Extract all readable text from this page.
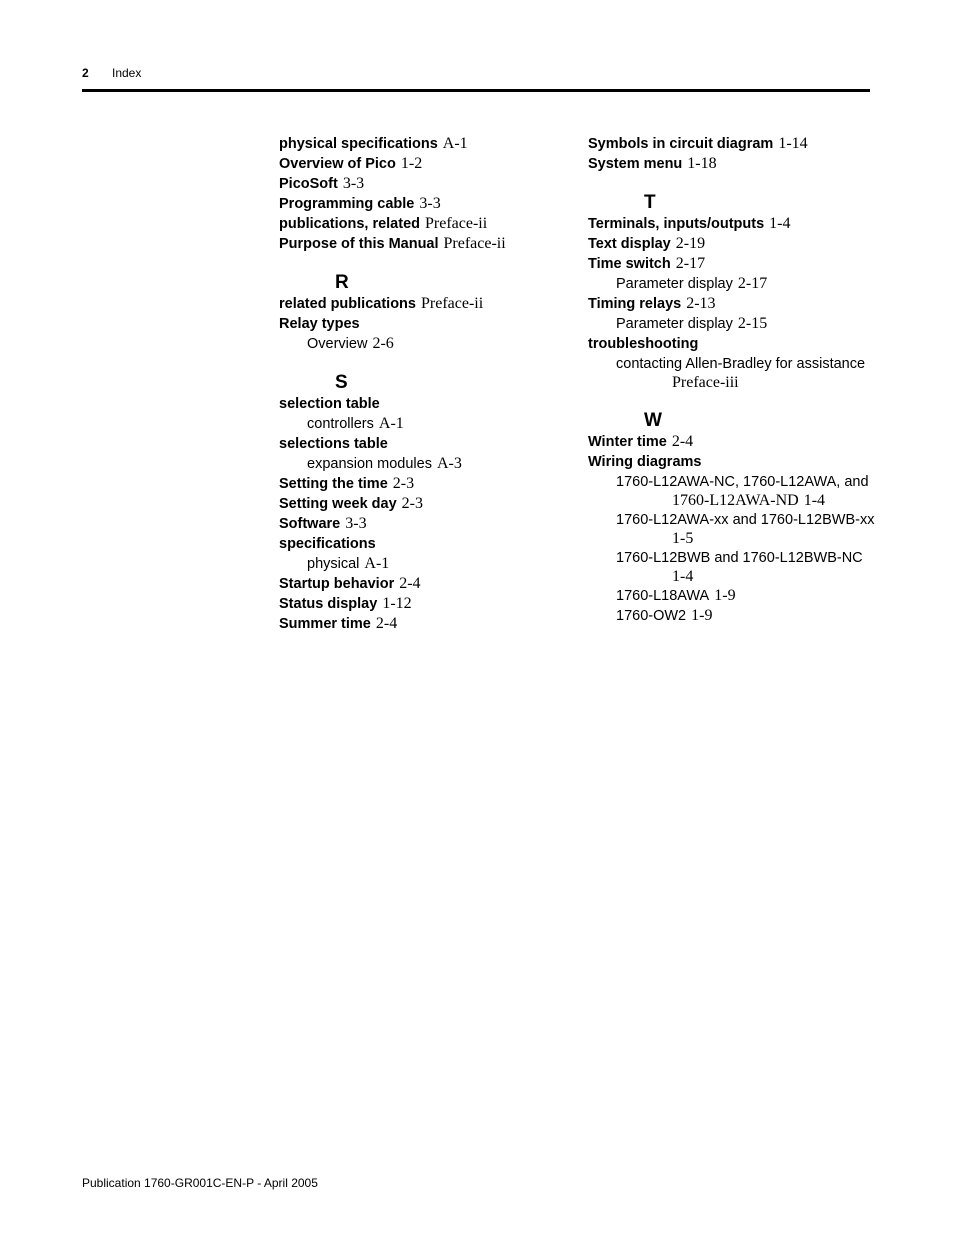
2 Index
physical specifications A-1
Overview of Pico 1-2
PicoSoft 3-3
Programming cable 3-3
publications, related Preface-ii
Purpose of this Manual Preface-ii
R
related publications Preface-ii
Relay types
Overview 2-6
S
selection table
controllers A-1
selections table
expansion modules A-3
Setting the time 2-3
Setting week day 2-3
Software 3-3
specifications
physical A-1
Startup behavior 2-4
Status display 1-12
Summer time 2-4
Symbols in circuit diagram 1-14
System menu 1-18
T
Terminals, inputs/outputs 1-4
Text display 2-19
Time switch 2-17
Parameter display 2-17
Timing relays 2-13
Parameter display 2-15
troubleshooting
contacting Allen-Bradley for assistance
Preface-iii
W
Winter time 2-4
Wiring diagrams
1760-L12AWA-NC, 1760-L12AWA, and
1760-L12AWA-ND 1-4
1760-L12AWA-xx and 1760-L12BWB-xx
1-5
1760-L12BWB and 1760-L12BWB-NC
1-4
1760-L18AWA 1-9
1760-OW2 1-9
Publication 1760-GR001C-EN-P - April 2005
